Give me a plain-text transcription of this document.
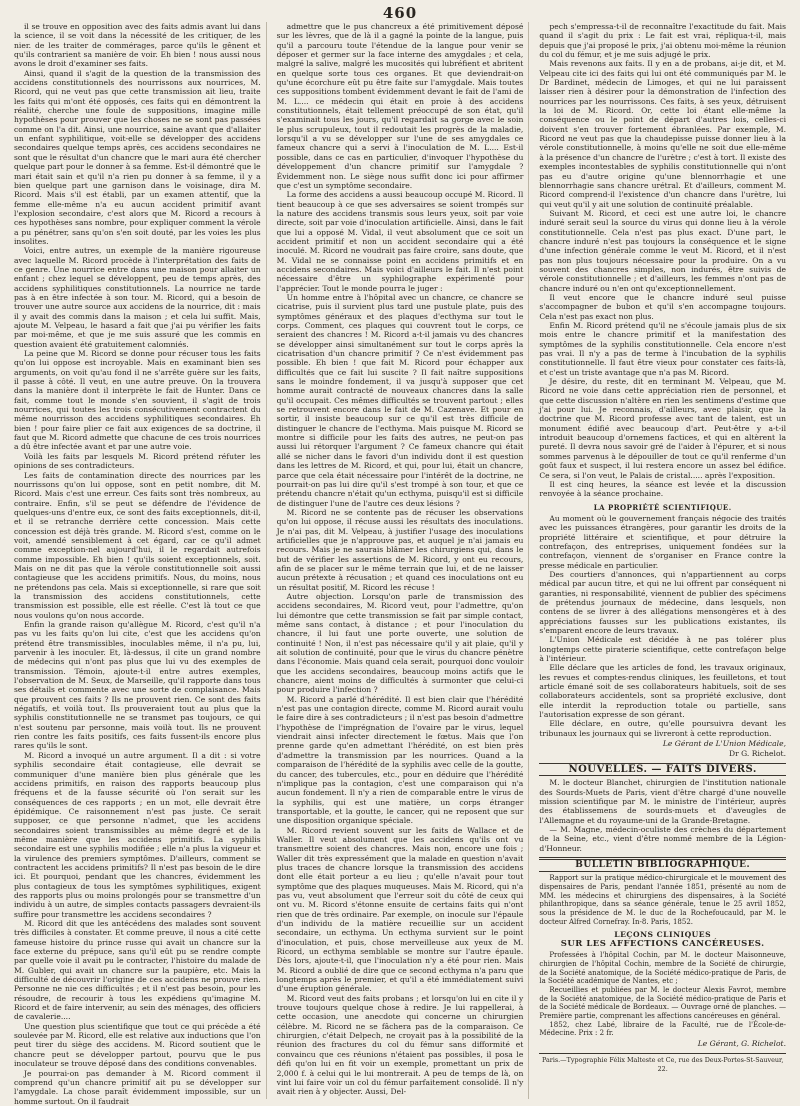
460

il se trouve en opposition avec des faits admis avant lui dans la science, il se voit dans la nécessité de les critiquer, de les nier. de les traiter de commérages, parce qu'ils le gênent et qu'ils contrarient sa manière de voir. Eh bien ! nous aussi nous avons le droit d'examiner ses faits.

Ainsi, quand il s'agit de la question de la transmission des accidens constitutionnels des nourrissons aux nourrices, M. Ricord, qui ne veut pas que cette transmission ait lieu, traite les faits qui m'ont été opposés, ces faits qui en démontrent la réalité, cherche une foule de suppositions, imagine mille hypothèses pour prouver que les choses ne se sont pas passées comme on l'a dit. Ainsi, une nourrice, saine avant que d'allaiter un enfant syphilitique, voit-elle se développer des accidens secondaires quelque temps après, ces accidens secondaires ne sont que le résultat d'un chancre que le mari aura été chercher quelque part pour le donner à sa femme. Est-il démontré que le mari était sain et qu'il n'a rien pu donner à sa femme, il y a bien quelque part une garnison dans le voisinage, dira M. Ricord. Mais s'il est établi, par un examen attentif, que la femme elle-même n'a eu aucun accident primitif avant l'explosion secondaire, c'est alors que M. Ricord a recours à ces hypothèses sans nombre, pour expliquer comment la vérole a pu pénétrer, sans qu'on s'en soit douté, par les voies les plus insolites.

Voici, entre autres, un exemple de la manière rigoureuse avec laquelle M. Ricord procède à l'interprétation des faits de ce genre. Une nourrice entre dans une maison pour allaiter un enfant ; chez lequel se développent, peu de temps après, des accidens syphilitiques constitutionnels. La nourrice ne tarde pas à en être infectée à son tour. M. Ricord, qui a besoin de trouver une autre source aux accidens de la nourrice, dit : mais il y avait des commis dans la maison ; et cela lui suffit. Mais, ajoute M. Velpeau, le hasard a fait que j'ai pu vérifier les faits par moi-même, et que je me suis assuré que les commis en question avaient été gratuitement calomniés.

La peine que M. Ricord se donne pour récuser tous les faits qu'on lui oppose est incroyable. Mais en examinant bien ses arguments, on voit qu'au fond il ne s'arrête guère sur les faits, il passe à côté. Il veut, en une autre preuve. On la trouvera dans la manière dont il interprète le fait de Hunter. Dans ce fait, comme tout le monde s'en souvient, il s'agit de trois nourrices, qui toutes les trois consécutivement contractent du même nourrisson des accidens syphilitiques secondaires. Eh bien ! pour faire plier ce fait aux exigences de sa doctrine, il faut que M. Ricord admette que chacune de ces trois nourrices a dû être infectée avant et par une autre voie.

Voilà les faits par lesquels M. Ricord prétend réfuter les opinions de ses contradicteurs.

Les faits de contamination directe des nourrices par les nourrissons qu'on lui oppose, sont en petit nombre, dit M. Ricord. Mais c'est une erreur. Ces faits sont très nombreux, au contraire. Enfin, s'il se peut se défendre de l'évidence de quelques-uns d'entre eux, ce sont des faits exceptionnels, dit-il, et il se retranche derrière cette concession. Mais cette concession est déjà très grande. M. Ricord s'est, comme on le voit, amendé sensiblement à cet égard, car ce qu'il admet comme exception-nel aujourd'hui, il le regardait autrefois comme impossible. Eh bien ! qu'ils soient exceptionnels, soit. Mais on ne dit pas que la vérole constitutionnelle soit aussi contagieuse que les accidens primitifs. Nous, du moins, nous ne prétendons pas cela. Mais si exceptionnelle, si rare que soit la transmission des accidens constitutionnels, cette transmission est possible, elle est réelle. C'est là tout ce que nous voulons qu'on nous accorde.

Enfin la grande raison qu'allègue M. Ricord, c'est qu'il n'a pas vu les faits qu'on lui cite, c'est que les accidens qu'on prétend être transmissibles, inoculables même, il n'a pu, lui, parvenir à les inoculer. Et, là-dessus, il cite un grand nombre de médecins qui n'ont pas plus que lui vu des exemples de transmission. Témoin, ajoute-t-il entre autres exemples, l'observation de M. Seux, de Marseille, qu'il rapporte dans tous ses détails et commente avec une sorte de complaisance. Mais que prouvent ces faits ? Ils ne prouvent rien. Ce sont des faits négatifs, et voilà tout. Ils prouveraient tout au plus que la syphilis constitutionnelle ne se transmet pas toujours, ce qui n'est soutenu par personne, mais voilà tout. Ils ne prouvent rien contre les faits positifs, ces faits fussent-ils encore plus rares qu'ils le sont.

M. Ricord a invoqué un autre argument. Il a dit : si votre syphilis secondaire était contagieuse, elle devrait se communiquer d'une manière bien plus générale que les accidens primitifs, en raison des rapports beaucoup plus fréquens et de la fausse sécurité où l'on serait sur les conséquences de ces rapports ; en un mot, elle devrait être épidémique. Ce raisonnement n'est pas juste. Ce serait supposer, ce que personne n'admet, que les accidens secondaires soient transmissibles au même degré et de la même manière que les accidens primitifs. La syphilis secondaire est une syphilis modifiée ; elle n'a plus la vigueur et la virulence des premiers symptômes. D'ailleurs, comment se contractent les accidens primitifs? Il n'est pas besoin de le dire ici. Et pourquoi, pendant que les chancres, évidemment les plus contagieux de tous les symptômes syphilitiques, exigent des rapports plus ou moins prolongés pour se transmettre d'un individu à un autre, de simples contacts passagers devraient-ils suffire pour transmettre les accidens secondaires ?

M. Ricord dit que les antécédens des malades sont souvent très difficiles à constater. Et comme preuve, il nous a cité cette fameuse histoire du prince russe qui avait un chancre sur la face externe du prépuce, sans qu'il eût pu se rendre compte par quelle voie il avait pu le contracter, l'histoire du malade de M. Gubler, qui avait un chancre sur la paupière, etc. Mais la difficulté de découvrir l'origine de ces accidens ne prouve rien. Personne ne nie ces difficultés ; et il n'est pas besoin, pour les résoudre, de recourir à tous les expédiens qu'imagine M. Ricord et de faire intervenir, au sein des ménages, des officiers de cavalerie....

Une question plus scientifique que tout ce qui précède a été soulevée par M. Ricord, elle est relative aux inductions que l'on peut tirer du siège des accidens. M. Ricord soutient que le chancre peut se développer partout, pourvu que le pus inoculateur se trouve déposé dans des conditions convenables.

Je pourrai-on pas demander à M. Ricord comment il comprend qu'un chancre primitif ait pu se développer sur l'amygdale. La chose paraît évidemment impossible, sur un homme surtout. On il faudrait

admettre que le pus chancreux a été primitivement déposé sur les lèvres, que de là il a gagné la pointe de la langue, puis qu'il a parcouru toute l'étendue de la langue pour venir se déposer et germer sur la face interne des amygdales ; et cela, malgré la salive, malgré les mucosités qui lubréfient et abritent en quelque sorte tous ces organes. Et que deviendrait-on qu'une écorchure eût pu être faite sur l'amygdale. Mais toutes ces suppositions tombent évidemment devant le fait de l'ami de M. L.... ce médecin qui était en proie à des accidens constitutionnels, était tellement préoccupé de son état, qu'il s'examinait tous les jours, qu'il regardait sa gorge avec le soin le plus scrupuleux, tout il redoutait les progrès de la maladie, lorsqu'il a vu se développer sur l'une de ses amygdales ce fameux chancre qui a servi à l'inoculation de M. L.... Est-il possible, dans ce cas en particulier, d'invoquer l'hypothèse du développement d'un chancre primitif sur l'amygdale ? Évidemment non. Le siège nous suffit donc ici pour affirmer que c'est un symptôme secondaire.

La forme des accidens a aussi beaucoup occupé M. Ricord. Il tient beaucoup à ce que ses adversaires se soient trompés sur la nature des accidens transmis sous leurs yeux, soit par voie directe, soit par voie d'inoculation artificielle. Ainsi, dans le fait que lui a opposé M. Vidal, il veut absolument que ce soit un accident primitif et non un accident secondaire qui a été inoculé. M. Ricord ne voudrait pas faire croire, sans doute, que M. Vidal ne se connaisse point en accidens primitifs et en accidens secondaires. Mais voici d'ailleurs le fait. Il n'est point nécessaire d'être un syphilographe expérimenté pour l'apprécier. Tout le monde pourra le juger :

Un homme entre à l'hôpital avec un chancre, ce chancre se cicatrise, puis il survient plus tard une pustule plate, puis des symptômes généraux et des plaques d'ecthyma sur tout le corps. Comment, ces plaques qui couvrent tout le corps, ce seraient des chancres ! M. Ricord a-t-il jamais vu des chancres se développer ainsi simultanément sur tout le corps après la cicatrisation d'un chancre primitif ? Ce n'est évidemment pas possible. Eh bien ! que fait M. Ricord pour échapper aux difficultés que ce fait lui suscite ? Il fait naître suppositions sans le moindre fondement, il va jusqu'à supposer que cet homme aurait contracté de nouveaux chancres dans la salle qu'il occupait. Ces mêmes difficultés se trouvent partout ; elles se retrouvent encore dans le fait de M. Cazenave. Et pour en sortir, il insiste beaucoup sur ce qu'il est très difficile de distinguer le chancre de l'ecthyma. Mais puisque M. Ricord se montre si difficile pour les faits des autres, ne peut-on pas aussi lui rétorquer l'argument ? Ce fameux chancre qui était allé se nicher dans le favori d'un individu dont il est question dans les lettres de M. Ricord, et qui, pour lui, était un chancre, parce que cela était nécessaire pour l'intérêt de la doctrine, ne pourrait-on pas lui dire qu'il s'est trompé à son tour, et que ce prétendu chancre n'était qu'un ecthyma, puisqu'il est si difficile de distinguer l'une de l'autre ces deux lésions ?

M. Ricord ne se contente pas de récuser les observations qu'on lui oppose, il récuse aussi les résultats des inoculations. Je n'ai pas, dit M. Velpeau, à justifier l'usage des inoculations artificielles que je n'approuve pas, et auquel je n'ai jamais eu recours. Mais je ne saurais blâmer les chirurgiens qui, dans le but de vérifier les assertions de M. Ricord, y ont eu recours, afin de se placer sur le même terrain que lui, et de ne laisser aucun prétexte à récusation ; et quand ces inoculations ont eu un résultat positif, M. Ricord les récuse !

Autre objection. Lorsqu'on parle de transmission des accidens secondaires, M. Ricord veut, pour l'admettre, qu'on lui démontre que cette transmission se fait par simple contact, même sans contact, à distance ; et pour l'inoculation du chancre, il lui faut une porte ouverte, une solution de continuité ! Non, il n'est pas nécessaire qu'il y ait plaie, qu'il y ait solution de continuité, pour que le virus du chancre pénètre dans l'économie. Mais quand cela serait, pourquoi donc vouloir que les accidens secondaires, beaucoup moins actifs que le chancre, aient moins de difficultés à surmonter que celui-ci pour produire l'infection ?

M. Ricord a parlé d'hérédité. Il est bien clair que l'hérédité n'est pas une contagion directe, comme M. Ricord aurait voulu le faire dire à ses contradicteurs ; il n'est pas besoin d'admettre l'hypothèse de l'imprégnation de l'ovaire par le virus, lequel viendrait ainsi infecter directement le fœtus. Mais que l'on prenne garde qu'en admettant l'hérédité, on est bien près d'admettre la transmission par les nourrices. Quand a la comparaison de l'hérédité de la syphilis avec celle de la goutte, du cancer, des tubercules, etc., pour en déduire que l'hérédité n'implique pas la contagion, c'est une comparaison qui n'a aucun fondement. Il n'y a rien de comparable entre le virus de la syphilis, qui est une matière, un corps étranger transportable, et la goutte, le cancer, qui ne reposent que sur une disposition organique spéciale.

M. Ricord revient souvent sur les faits de Wallace et de Waller. Il veut absolument que les accidens qu'ils ont vu transmettre soient des chancres. Mais non, encore une fois ; Waller dit très expressément que la malade en question n'avait plus traces de chancre lorsque la transmission des accidens dont elle était porteur a eu lieu ; qu'elle n'avait pour tout symptôme que des plaques muqueuses. Mais M. Ricord, qui n'a pas vu, veut absolument que l'erreur soit du côté de ceux qui ont vu. M. Ricord s'étonne ensuite de certains faits qui n'ont rien que de très ordinaire. Par exemple, on inocule sur l'épaule d'un individu de la matière recueillie sur un accident secondaire, un ecthyma. Un ecthyma survient sur le point d'inoculation, et puis, chose merveilleuse aux yeux de M. Ricord, un ecthyma semblable se montre sur l'autre épaule. Dès lors, ajoute-t-il, que l'inoculation n'y a été pour rien. Mais M. Ricord a oublié de dire que ce second ecthyma n'a paru que longtemps après le premier, et qu'il a été immédiatement suivi d'une éruption générale.

M. Ricord veut des faits probans ; et lorsqu'on lui en cite il y trouve toujours quelque chose à redire. Je lui rappellerai, à cette occasion, une anecdote qui concerne un chirurgien célèbre. M. Ricord ne se fâchera pas de la comparaison. Ce chirurgien, c'était Delpech, ne croyait pas à la possibilité de la réunion des fractures du col du fémur sans difformité et convaincu que ces réunions n'étaient pas possibles, il posa le défi qu'on lui en fit voir un exemple, promettant un prix de 2,000 f. à celui qui le lui montrerait. A peu de temps de là, on vint lui faire voir un col du fémur parfaitement consolidé. Il n'y avait rien à y objecter. Aussi, Del-

pech s'empressa-t-il de reconnaître l'exactitude du fait. Mais quand il s'agit du prix : Le fait est vrai, répliqua-t-il, mais depuis que j'ai proposé le prix, j'ai obtenu moi-même la réunion du col du fémur, et je me suis adjugé le prix.

Mais revenons aux faits. Il y en a de probans, ai-je dit, et M. Velpeau cite ici des faits qui lui ont été communiqués par M. le Dr Bardinet, médecin de Limoges, et qui ne lui paraissent laisser rien à désirer pour la démonstration de l'infection des nourrices par les nourrissons. Ces faits, à ses yeux, détruisent la loi de M. Ricord. Or, cette loi étant elle-même la conséquence ou le point de départ d'autres lois, celles-ci doivent s'en trouver fortement ébranlées. Par exemple, M. Ricord ne veut pas que la chaudepisse puisse donner lieu à la vérole constitutionnelle, à moins qu'elle ne soit due elle-même à la présence d'un chancre de l'urètre ; c'est à tort. Il existe des exemples incontestables de syphilis constitutionnelle qui n'ont pas eu d'autre origine qu'une blennorrhagie et une blennorrhagie sans chancre urétral. Et d'ailleurs, comment M. Ricord comprend-il l'existence d'un chancre dans l'urètre, lui qui veut qu'il y ait une solution de continuité préalable.

Suivant M. Ricord, et ceci est une autre loi, le chancre induré serait seul la source du virus qui donne lieu à la vérole constitutionnelle. Cela n'est pas plus exact. D'une part, le chancre induré n'est pas toujours la conséquence et le signe d'une infection générale comme le veut M. Ricord, et il n'est pas non plus toujours nécessaire pour la produire. On a vu souvent des chancres simples, non indurés, être suivis de vérole constitutionnelle ; et d'ailleurs, les femmes n'ont pas de chancre induré ou n'en ont qu'exceptionnellement.

Il veut encore que le chancre induré seul puisse s'accompagner de bubon et qu'il s'en accompagne toujours. Cela n'est pas exact non plus.

Enfin M. Ricord prétend qu'il ne s'écoule jamais plus de six mois entre le chancre primitif et la manifestation des symptômes de la syphilis constitutionnelle. Cela encore n'est pas vrai. Il n'y a pas de terme à l'incubation de la syphilis constitutionnelle. Il faut être vieux pour constater ces faits-là, et c'est un triste avantage que n'a pas M. Ricord.

Je désire, du reste, dit en terminant M. Velpeau, que M. Ricord ne voie dans cette appréciation rien de personnel, et que cette discussion n'altère en rien les sentimens d'estime que j'ai pour lui. Je reconnais, d'ailleurs, avec plaisir, que la doctrine que M. Ricord professe avec tant de talent, est un monument édifié avec beaucoup d'art. Peut-être y a-t-il introduit beaucoup d'ornemens factices, et qui en altèrent la pureté. Il devra nous savoir gré de l'aider à l'épurer, et si nous sommes parvenus à le dépouiller de tout ce qu'il renferme d'un goût faux et suspect, il lui restera encore un assez bel édifice. Ce sera, si l'on veut, le Palais de cristal..... après l'exposition.

Il est cinq heures, la séance est levée et la discussion renvoyée à la séance prochaine.

LA PROPRIÉTÉ SCIENTIFIQUE.

Au moment où le gouvernement français négocie des traités avec les puissances étrangères, pour garantir les droits de la propriété littéraire et scientifique, et pour détruire la contrefaçon, des entreprises, uniquement fondées sur la contrefaçon, viennent de s'organiser en France contre la presse médicale en particulier.

Des courtiers d'annonces, qui n'appartiennent au corps médical par aucun titre, et qui ne lui offrent par conséquent ni garanties, ni responsabilité, viennent de publier des spécimens de prétendus journaux de médecine, dans lesquels, non contens de se livrer à des allégations mensongères et à des appréciations fausses sur les publications existantes, ils s'emparent encore de leurs travaux.

L'Union Médicale est décidée à ne pas tolérer plus longtemps cette piraterie scientifique, cette contrefaçon belge à l'intérieur.

Elle déclare que les articles de fond, les travaux originaux, les revues et comptes-rendus cliniques, les feuilletons, et tout article émané soit de ses collaborateurs habituels, soit de ses collaborateurs accidentels, sont sa propriété exclusive, dont elle interdit la reproduction totale ou partielle, sans l'autorisation expresse de son gérant.

Elle déclare, en outre, qu'elle poursuivra devant les tribunaux les journaux qui se livreront à cette reproduction.

Le Gérant de L'Union Médicale,
Dr G. Richelot.
NOUVELLES. — FAITS DIVERS.

M. le docteur Blanchet, chirurgien de l'institution nationale des Sourds-Muets de Paris, vient d'être chargé d'une nouvelle mission scientifique par M. le ministre de l'intérieur, auprès des établissemens de sourds-muets et d'aveugles de l'Allemagne et du royaume-uni de la Grande-Bretagne.

— M. Magne, médecin-oculiste des crèches du département de la Seine, etc., vient d'être nommé membre de la Légion-d'Honneur.

BULLETIN BIBLIOGRAPHIQUE.

Rapport sur la pratique médico-chirurgicale et le mouvement des dispensaires de Paris, pendant l'année 1851, présenté au nom de MM. les médecins et chirurgiens des dispensaires, à la Société philanthropique, dans sa séance générale, tenue le 25 avril 1852, sous la présidence de M. le duc de la Rochefoucauld, par M. le docteur Alfred Cornefray. In-8. Paris, 1852.

LEÇONS CLINIQUES
SUR LES AFFECTIONS CANCÉREUSES.

Professées à l'hôpital Cochin, par M. le docteur Maisonneuve, chirurgien de l'hôpital Cochin, membre de la Société de chirurgie, de la Société anatomique, de la Société médico-pratique de Paris, de la Société académique de Nantes, etc ;

Recueillies et publiées par M. le docteur Alexis Favrot, membre de la Société anatomique, de la Société médico-pratique de Paris et de la Société médicale de Bordeaux. — Ouvrage orné de planches. — Première partie, comprenant les affections cancéreuses en général.

1852, chez Labé, libraire de la Faculté, rue de l'École-de-Médecine. Prix : 2 fr.

Le Gérant, G. Richelot.
Paris.—Typographie Félix Malteste et Ce, rue des Deux-Portes-St-Sauveur, 22.
